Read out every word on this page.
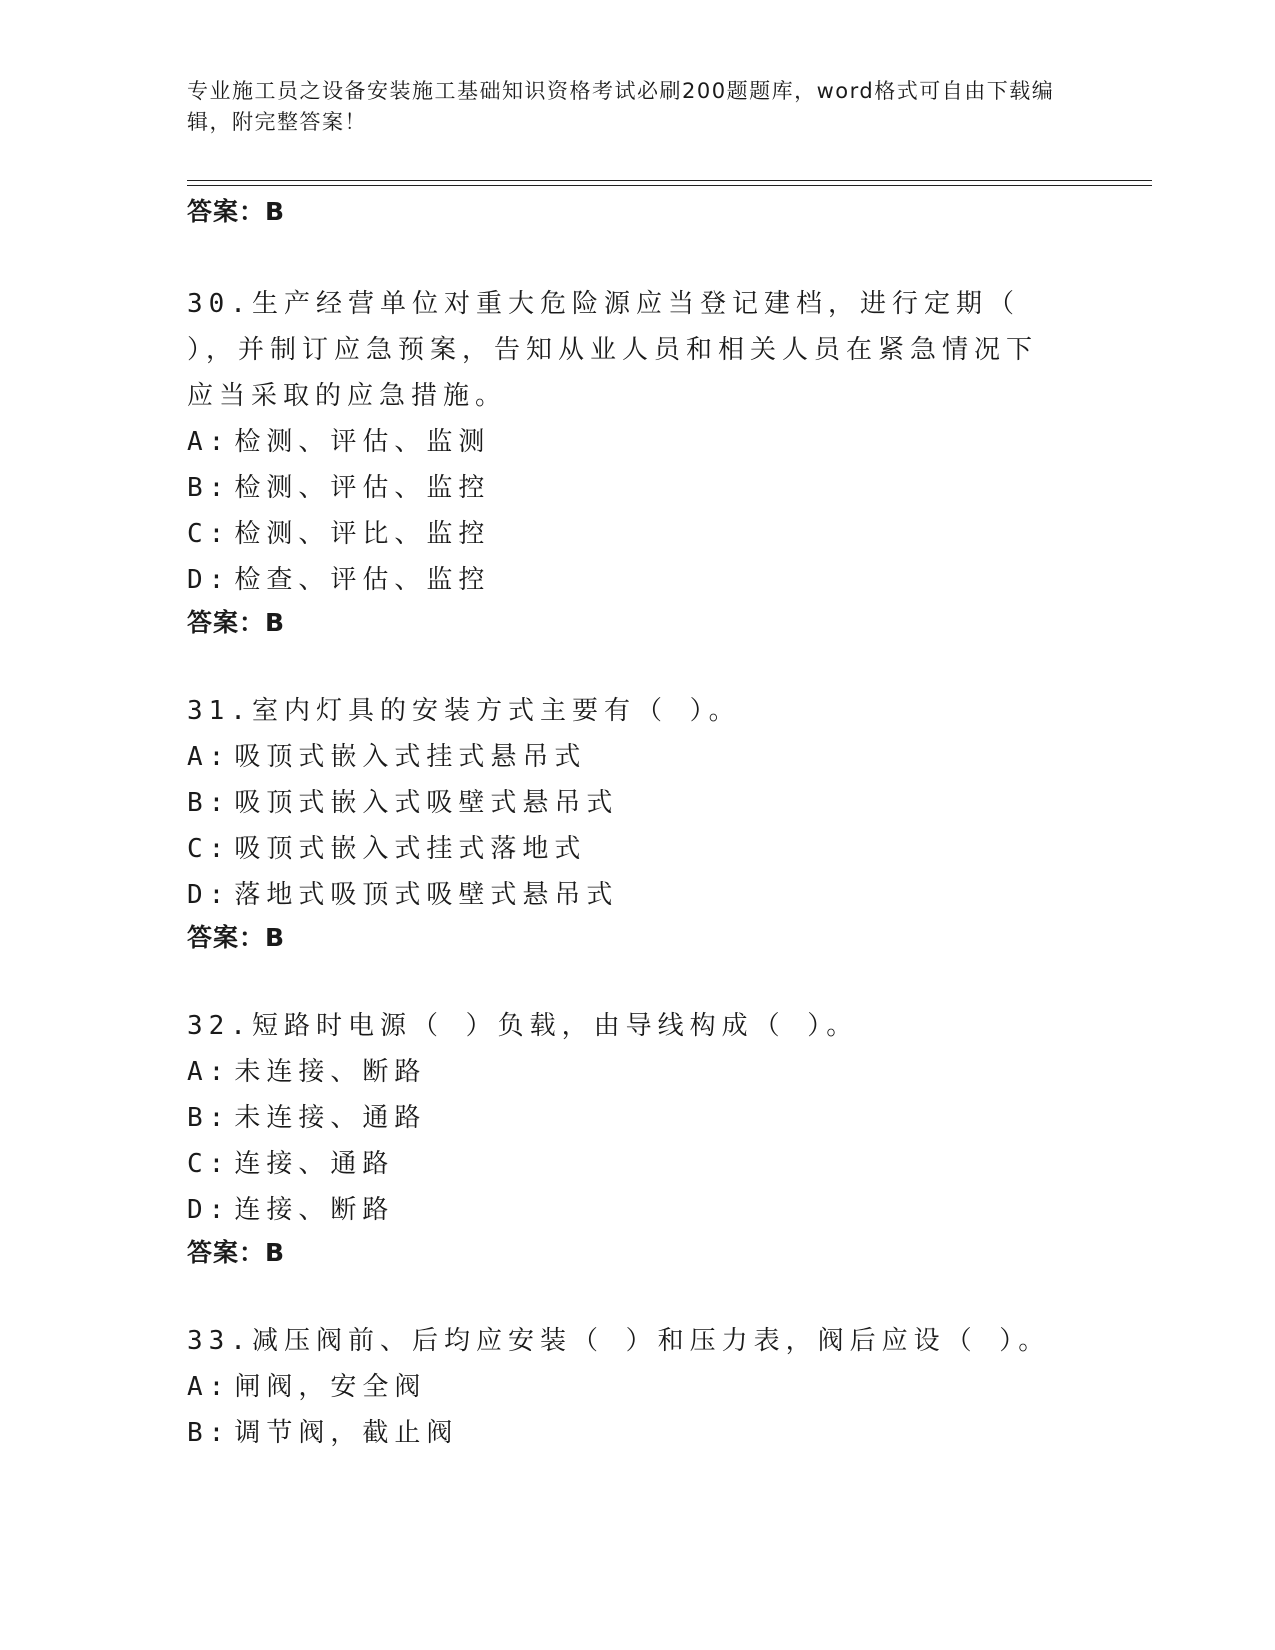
专业施工员之设备安装施工基础知识资格考试必刷200题题库，word格式可自由下载编辑，附完整答案！
答案：B
30.生产经营单位对重大危险源应当登记建档，进行定期（ ），并制订应急预案，告知从业人员和相关人员在紧急情况下应当采取的应急措施。
A: 检测、评估、监测
B: 检测、评估、监控
C: 检测、评比、监控
D: 检查、评估、监控
答案：B
31.室内灯具的安装方式主要有（ ）。
A: 吸顶式嵌入式挂式悬吊式
B: 吸顶式嵌入式吸壁式悬吊式
C: 吸顶式嵌入式挂式落地式
D: 落地式吸顶式吸壁式悬吊式
答案：B
32.短路时电源（ ）负载，由导线构成（ ）。
A: 未连接、断路
B: 未连接、通路
C: 连接、通路
D: 连接、断路
答案：B
33.减压阀前、后均应安装（ ）和压力表，阀后应设（ ）。
A: 闸阀，安全阀
B: 调节阀，截止阀
